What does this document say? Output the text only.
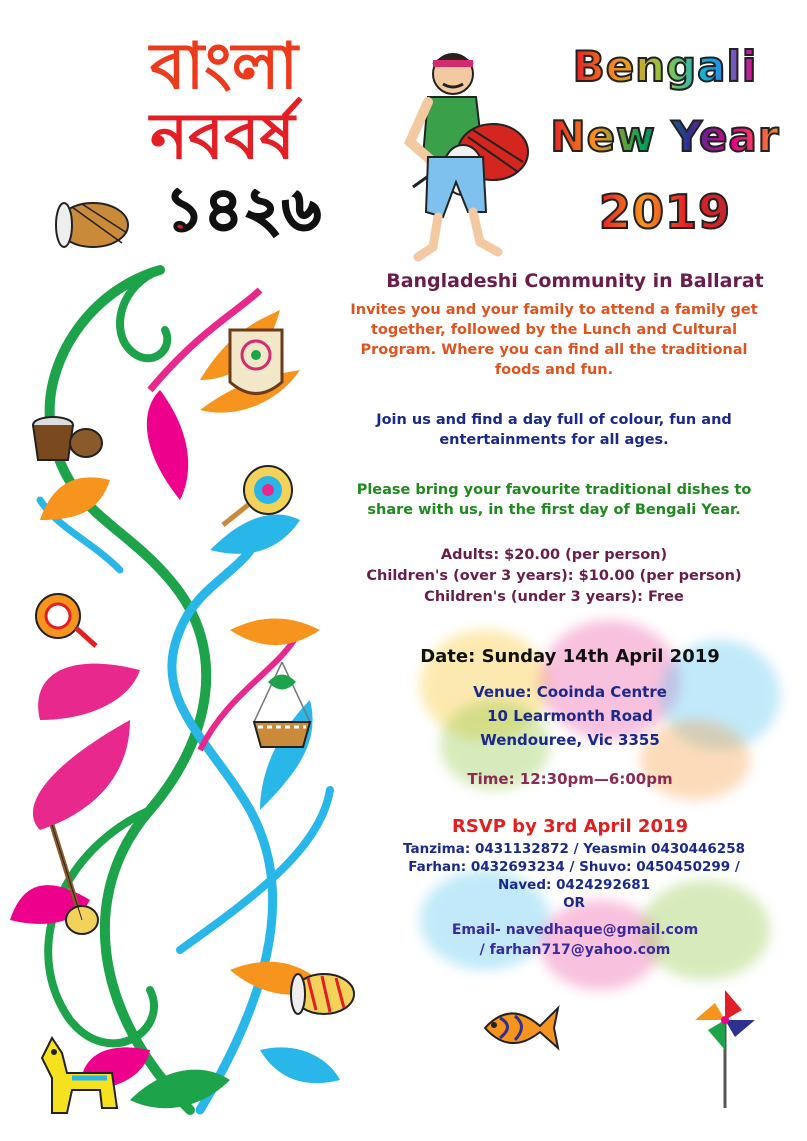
বাংলা
নববর্ষ
১৪২৬
Bengali
New Year
2019
Bangladeshi Community in Ballarat
Invites you and your family to attend a family get together, followed by the Lunch and Cultural Program. Where you can find all the traditional foods and fun.
Join us and find a day full of colour, fun and entertainments for all ages.
Please bring your favourite traditional dishes to share with us, in the first day of Bengali Year.
Adults: $20.00 (per person)
Children's (over 3 years): $10.00 (per person)
Children's (under 3 years): Free
Date: Sunday 14th April 2019
Venue: Cooinda Centre
10 Learmonth Road
Wendouree, Vic 3355
Time: 12:30pm—6:00pm
RSVP by 3rd April 2019
Tanzima: 0431132872 / Yeasmin 0430446258
Farhan: 0432693234 / Shuvo: 0450450299 /
Naved: 0424292681
OR
Email- navedhaque@gmail.com
/ farhan717@yahoo.com
